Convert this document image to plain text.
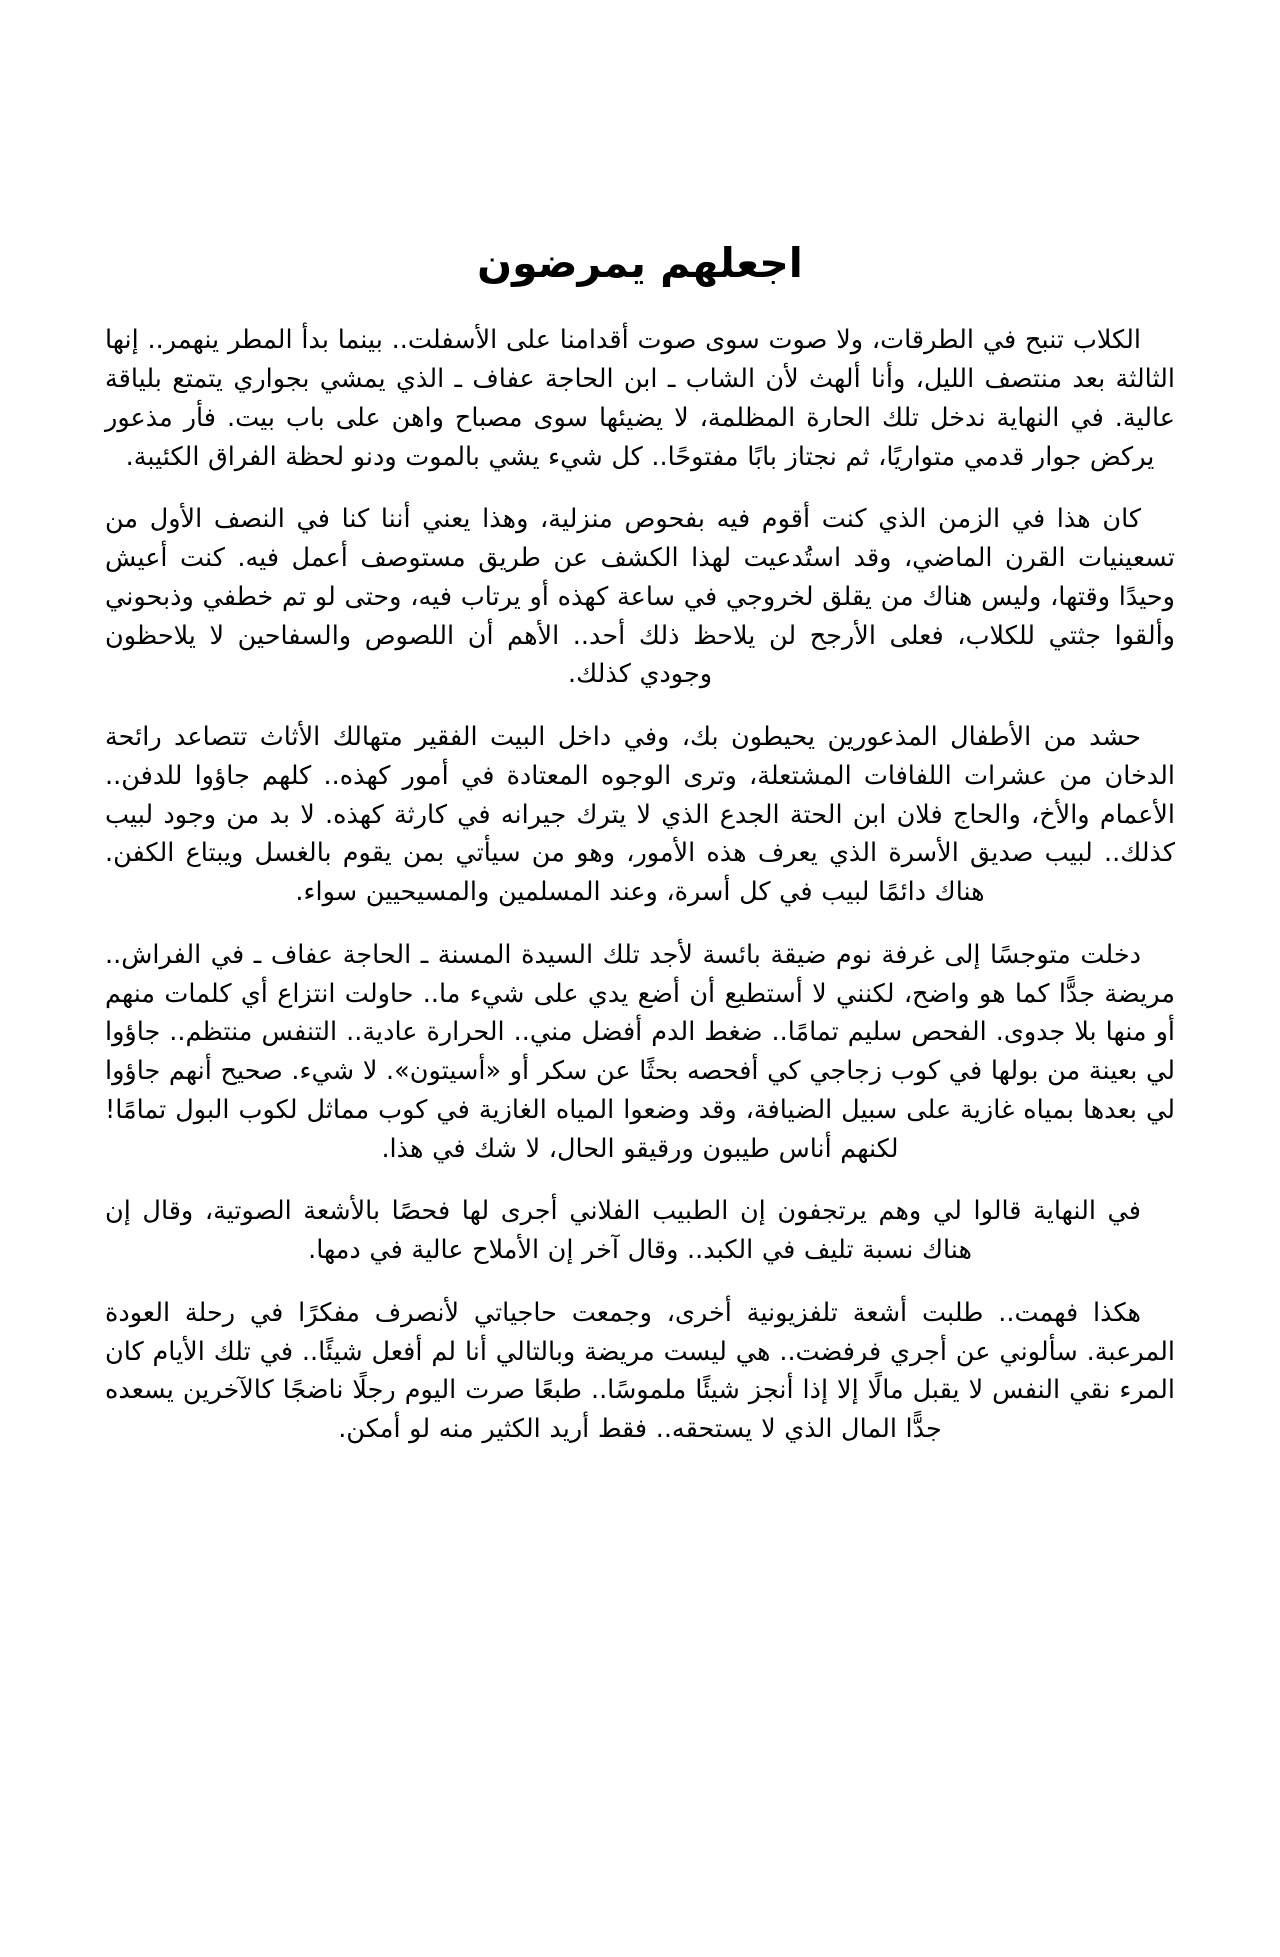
اجعلهم يمرضون

الكلاب تنبح في الطرقات، ولا صوت سوى صوت أقدامنا على الأسفلت.. بينما بدأ المطر ينهمر.. إنها الثالثة بعد منتصف الليل، وأنا ألهث لأن الشاب ـ ابن الحاجة عفاف ـ الذي يمشي بجواري يتمتع بلياقة عالية. في النهاية ندخل تلك الحارة المظلمة، لا يضيئها سوى مصباح واهن على باب بيت. فأر مذعور يركض جوار قدمي متواريًا، ثم نجتاز بابًا مفتوحًا.. كل شيء يشي بالموت ودنو لحظة الفراق الكئيبة.

كان هذا في الزمن الذي كنت أقوم فيه بفحوص منزلية، وهذا يعني أننا كنا في النصف الأول من تسعينيات القرن الماضي، وقد استُدعيت لهذا الكشف عن طريق مستوصف أعمل فيه. كنت أعيش وحيدًا وقتها، وليس هناك من يقلق لخروجي في ساعة كهذه أو يرتاب فيه، وحتى لو تم خطفي وذبحوني وألقوا جثتي للكلاب، فعلى الأرجح لن يلاحظ ذلك أحد.. الأهم أن اللصوص والسفاحين لا يلاحظون وجودي كذلك.

حشد من الأطفال المذعورين يحيطون بك، وفي داخل البيت الفقير متهالك الأثاث تتصاعد رائحة الدخان من عشرات اللفافات المشتعلة، وترى الوجوه المعتادة في أمور كهذه.. كلهم جاؤوا للدفن.. الأعمام والأخ، والحاج فلان ابن الحتة الجدع الذي لا يترك جيرانه في كارثة كهذه. لا بد من وجود لبيب كذلك.. لبيب صديق الأسرة الذي يعرف هذه الأمور، وهو من سيأتي بمن يقوم بالغسل ويبتاع الكفن. هناك دائمًا لبيب في كل أسرة، وعند المسلمين والمسيحيين سواء.

دخلت متوجسًا إلى غرفة نوم ضيقة بائسة لأجد تلك السيدة المسنة ـ الحاجة عفاف ـ في الفراش.. مريضة جدًّا كما هو واضح، لكنني لا أستطيع أن أضع يدي على شيء ما.. حاولت انتزاع أي كلمات منهم أو منها بلا جدوى. الفحص سليم تمامًا.. ضغط الدم أفضل مني.. الحرارة عادية.. التنفس منتظم.. جاؤوا لي بعينة من بولها في كوب زجاجي كي أفحصه بحثًا عن سكر أو «أسيتون». لا شيء. صحيح أنهم جاؤوا لي بعدها بمياه غازية على سبيل الضيافة، وقد وضعوا المياه الغازية في كوب مماثل لكوب البول تمامًا! لكنهم أناس طيبون ورقيقو الحال، لا شك في هذا.

في النهاية قالوا لي وهم يرتجفون إن الطبيب الفلاني أجرى لها فحصًا بالأشعة الصوتية، وقال إن هناك نسبة تليف في الكبد.. وقال آخر إن الأملاح عالية في دمها.

هكذا فهمت.. طلبت أشعة تلفزيونية أخرى، وجمعت حاجياتي لأنصرف مفكرًا في رحلة العودة المرعبة. سألوني عن أجري فرفضت.. هي ليست مريضة وبالتالي أنا لم أفعل شيئًا.. في تلك الأيام كان المرء نقي النفس لا يقبل مالًا إلا إذا أنجز شيئًا ملموسًا.. طبعًا صرت اليوم رجلًا ناضجًا كالآخرين يسعده جدًّا المال الذي لا يستحقه.. فقط أريد الكثير منه لو أمكن.
